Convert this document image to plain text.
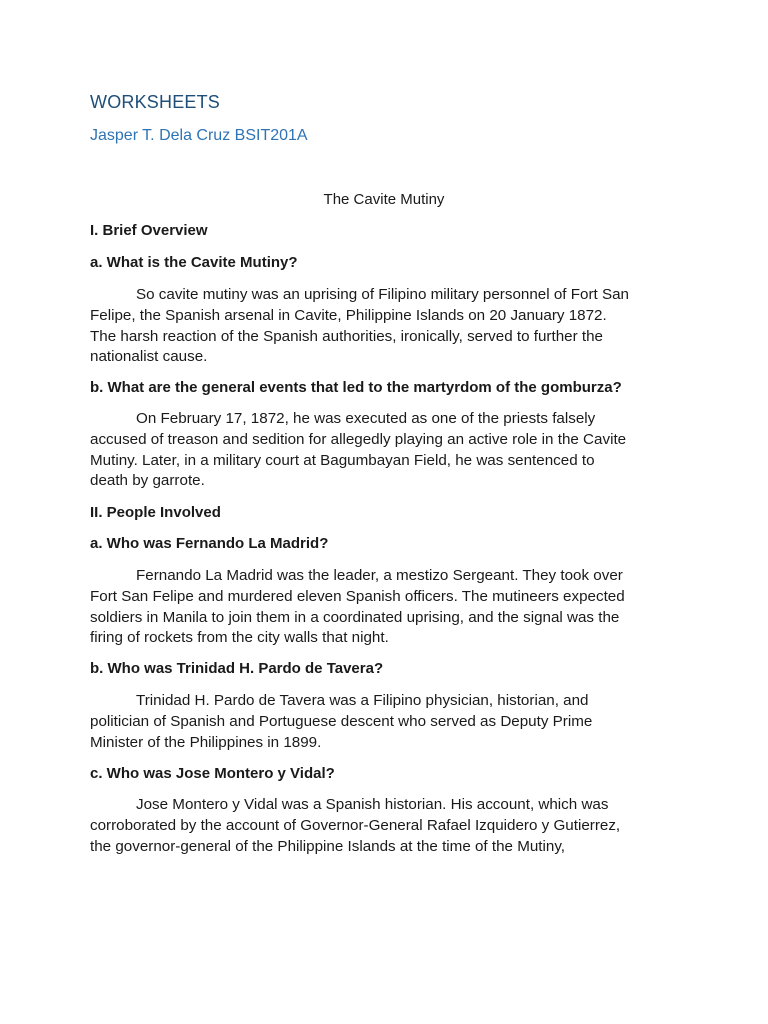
WORKSHEETS

Jasper T. Dela Cruz BSIT201A

The Cavite Mutiny

I. Brief Overview
a. What is the Cavite Mutiny?

So cavite mutiny was an uprising of Filipino military personnel of Fort San
Felipe, the Spanish arsenal in Cavite, Philippine Islands on 20 January 1872.
The harsh reaction of the Spanish authorities, ironically, served to further the
nationalist cause.

b. What are the general events that led to the martyrdom of the gomburza?

On February 17, 1872, he was executed as one of the priests falsely
accused of treason and sedition for allegedly playing an active role in the Cavite
Mutiny. Later, in a military court at Bagumbayan Field, he was sentenced to
death by garrote.

II. People Involved
a. Who was Fernando La Madrid?

Fernando La Madrid was the leader, a mestizo Sergeant. They took over
Fort San Felipe and murdered eleven Spanish officers. The mutineers expected
soldiers in Manila to join them in a coordinated uprising, and the signal was the
firing of rockets from the city walls that night.

b. Who was Trinidad H. Pardo de Tavera?

Trinidad H. Pardo de Tavera was a Filipino physician, historian, and
politician of Spanish and Portuguese descent who served as Deputy Prime
Minister of the Philippines in 1899.

c. Who was Jose Montero y Vidal?

Jose Montero y Vidal was a Spanish historian. His account, which was
corroborated by the account of Governor-General Rafael Izquidero y Gutierrez,
the governor-general of the Philippine Islands at the time of the Mutiny,
